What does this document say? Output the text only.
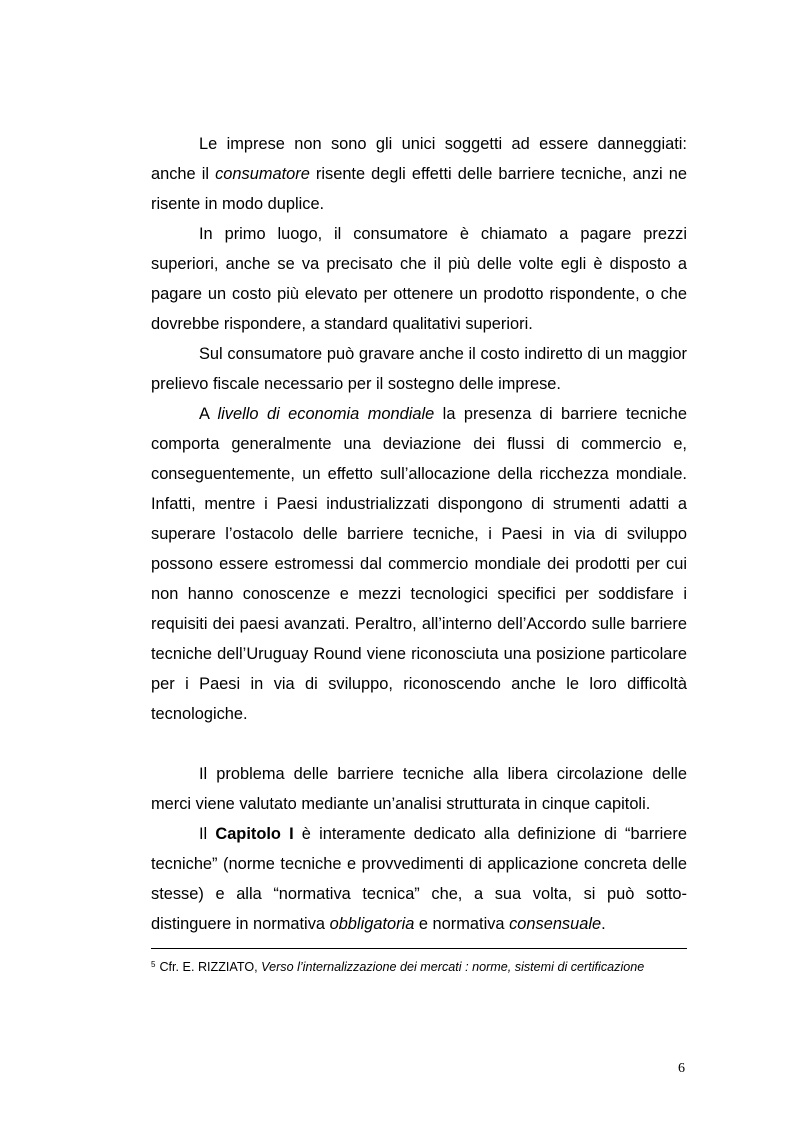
Le imprese non sono gli unici soggetti ad essere danneggiati: anche il consumatore risente degli effetti delle barriere tecniche, anzi ne risente in modo duplice.

In primo luogo, il consumatore è chiamato a pagare prezzi superiori, anche se va precisato che il più delle volte egli è disposto a pagare un costo più elevato per ottenere un prodotto rispondente, o che dovrebbe rispondere, a standard qualitativi superiori.

Sul consumatore può gravare anche il costo indiretto di un maggior prelievo fiscale necessario per il sostegno delle imprese.

A livello di economia mondiale la presenza di barriere tecniche comporta generalmente una deviazione dei flussi di commercio e, conseguentemente, un effetto sull’allocazione della ricchezza mondiale. Infatti, mentre i Paesi industrializzati dispongono di strumenti adatti a superare l’ostacolo delle barriere tecniche, i Paesi in via di sviluppo possono essere estromessi dal commercio mondiale dei prodotti per cui non hanno conoscenze e mezzi tecnologici specifici per soddisfare i requisiti dei paesi avanzati. Peraltro, all’interno dell’Accordo sulle barriere tecniche dell’Uruguay Round viene riconosciuta una posizione particolare per i Paesi in via di sviluppo, riconoscendo anche le loro difficoltà tecnologiche.

Il problema delle barriere tecniche alla libera circolazione delle merci viene valutato mediante un’analisi strutturata in cinque capitoli.

Il Capitolo I è interamente dedicato alla definizione di “barriere tecniche” (norme tecniche e provvedimenti di applicazione concreta delle stesse) e alla “normativa tecnica” che, a sua volta, si può sotto-distinguere in normativa obbligatoria e normativa consensuale.

$^5$ Cfr. E. RIZZIATO, Verso l’internalizzazione dei mercati : norme, sistemi di certificazione
6
